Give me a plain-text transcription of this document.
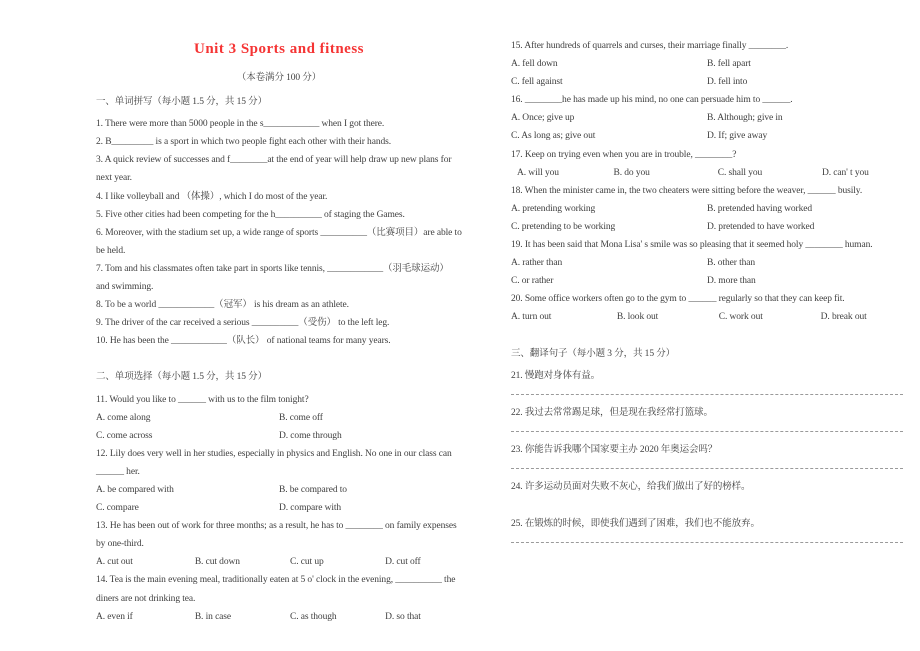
Unit 3 Sports and fitness
（本卷满分 100 分）
一、单词拼写（每小题 1.5 分，共 15 分）

1. There were more than 5000 people in the s____________ when I got there.

2. B_________ is a sport in which two people fight each other with their hands.

3. A quick review of successes and f________at the end of year will help draw up new plans for next year.

4. I like volleyball and （体操）, which I do most of the year.

5. Five other cities had been competing for the h__________ of staging the Games.

6. Moreover, with the stadium set up, a wide range of sports __________（比赛项目）are able to be held.

7. Tom and his classmates often take part in sports like tennis, ____________（羽毛球运动）and swimming.

8. To be a world ____________（冠军） is his dream as an athlete.

9. The driver of the car received a serious __________（受伤） to the left leg.

10. He has been the ____________（队长） of national teams for many years.

二、单项选择（每小题 1.5 分，共 15 分）

11. Would you like to ______ with us to the film tonight?

A. come along	B. come off
C. come across	D. come through

12. Lily does very well in her studies, especially in physics and English. No one in our class can ______ her.

A. be compared with	B. be compared to
C. compare	D. compare with

13. He has been out of work for three months; as a result, he has to ________ on family expenses by one-third.

A. cut out	B. cut down	C. cut up	D. cut off

14. Tea is the main evening meal, traditionally eaten at 5 o' clock in the evening, __________ the diners are not drinking tea.

A. even if	B. in case	C. as though	D. so that

15. After hundreds of quarrels and curses, their marriage finally ________.

A. fell down	B. fell apart
C. fell against	D. fell into

16. ________he has made up his mind, no one can persuade him to ______.

A. Once; give up	B. Although; give in
C. As long as; give out	D. If; give away

17. Keep on trying even when you are in trouble, ________?

A. will you	B. do you	C. shall you	D. can' t you

18. When the minister came in, the two cheaters were sitting before the weaver, ______ busily.

A. pretending working	B. pretended having worked
C. pretending to be working	D. pretended to have worked

19. It has been said that Mona Lisa' s smile was so pleasing that it seemed holy ________ human.

A. rather than	B. other than
C. or rather	D. more than

20. Some office workers often go to the gym to ______ regularly so that they can keep fit.

A. turn out	B. look out	C. work out	D. break out
三、翻译句子（每小题 3 分，共 15 分）
21. 慢跑对身体有益。
22. 我过去常常踢足球，但是现在我经常打篮球。
23. 你能告诉我哪个国家要主办 2020 年奥运会吗？
24. 许多运动员面对失败不灰心，给我们做出了好的榜样。
25. 在锻炼的时候，即使我们遇到了困难，我们也不能放弃。
